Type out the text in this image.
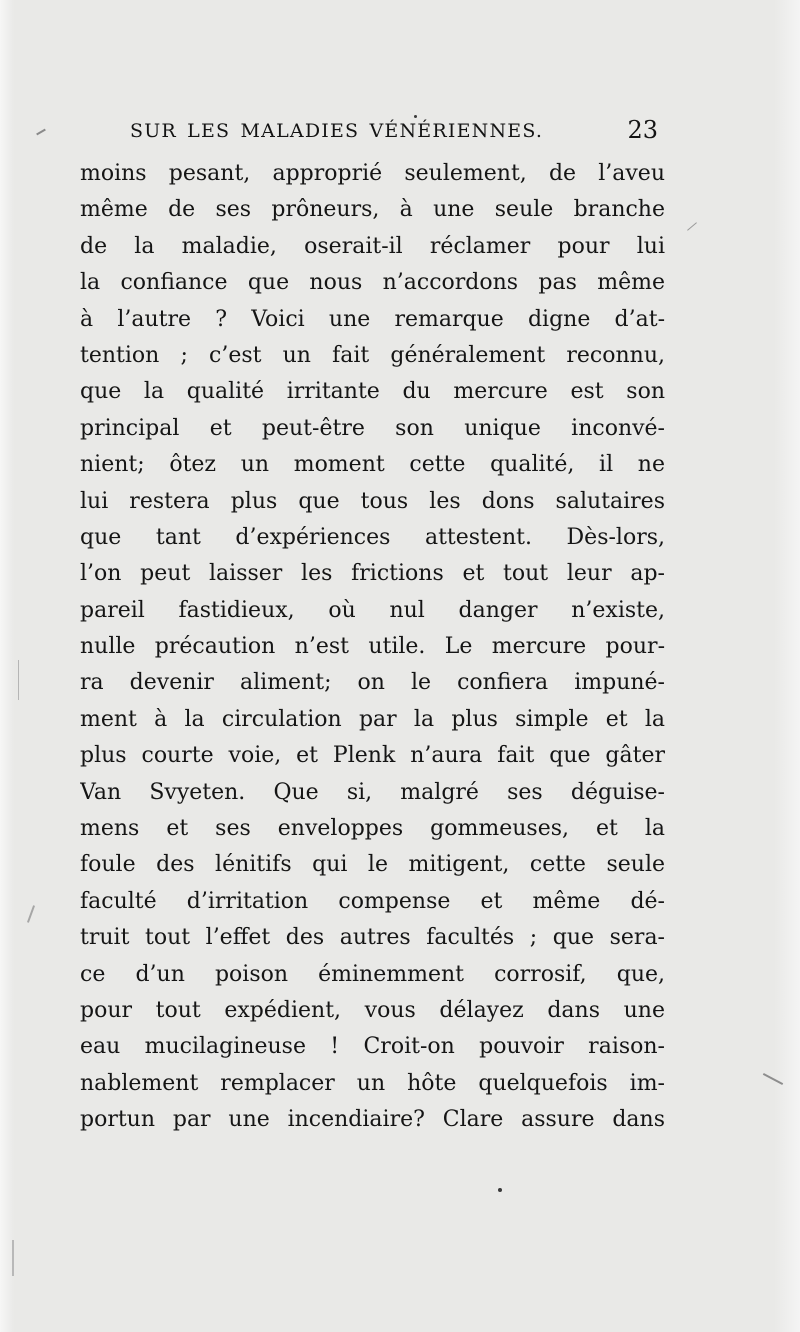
SUR LES MALADIES VÉNÉRIENNES.	23
moins pesant, approprié seulement, de l’aveu
même de ses prôneurs, à une seule branche
de la maladie, oserait-il réclamer pour lui
la confiance que nous n’accordons pas même
à l’autre ? Voici une remarque digne d’at-
tention ; c’est un fait généralement reconnu,
que la qualité irritante du mercure est son
principal et peut-être son unique inconvé-
nient; ôtez un moment cette qualité, il ne
lui restera plus que tous les dons salutaires
que tant d’expériences attestent. Dès-lors,
l’on peut laisser les frictions et tout leur ap-
pareil fastidieux, où nul danger n’existe,
nulle précaution n’est utile. Le mercure pour-
ra devenir aliment; on le confiera impuné-
ment à la circulation par la plus simple et la
plus courte voie, et Plenk n’aura fait que gâter
Van Svyeten. Que si, malgré ses déguise-
mens et ses enveloppes gommeuses, et la
foule des lénitifs qui le mitigent, cette seule
faculté d’irritation compense et même dé-
truit tout l’effet des autres facultés ; que sera-
ce d’un poison éminemment corrosif, que,
pour tout expédient, vous délayez dans une
eau mucilagineuse ! Croit-on pouvoir raison-
nablement remplacer un hôte quelquefois im-
portun par une incendiaire? Clare assure dans
